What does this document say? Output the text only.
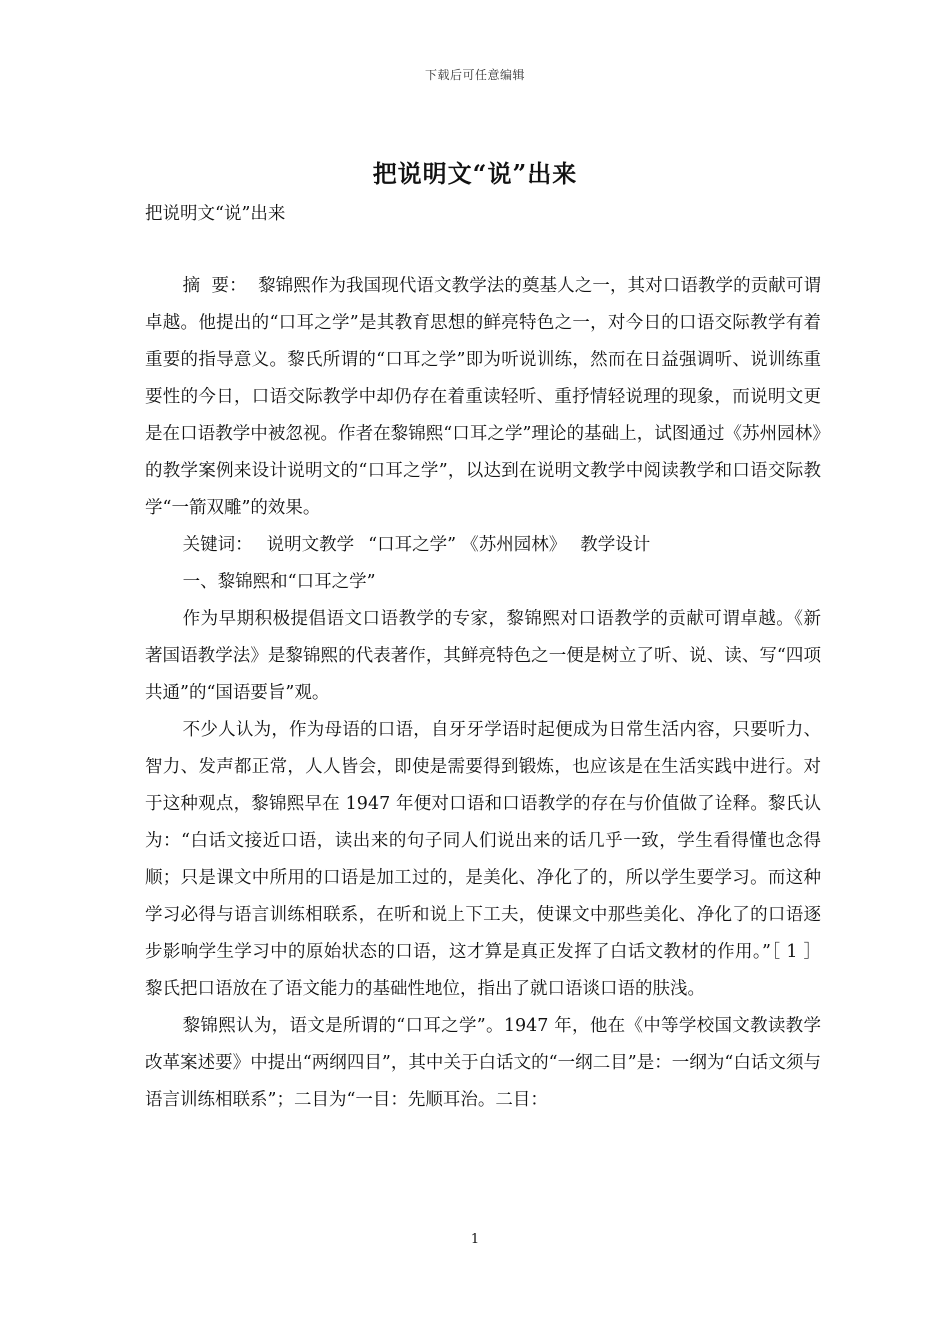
下载后可任意编辑
把说明文“说”出来
把说明文“说”出来

摘  要： 黎锦熙作为我国现代语文教学法的奠基人之一，其对口语教学的贡献可谓卓越。他提出的“口耳之学”是其教育思想的鲜亮特色之一，对今日的口语交际教学有着重要的指导意义。黎氏所谓的“口耳之学”即为听说训练，然而在日益强调听、说训练重要性的今日，口语交际教学中却仍存在着重读轻听、重抒情轻说理的现象，而说明文更是在口语教学中被忽视。作者在黎锦熙“口耳之学”理论的基础上，试图通过《苏州园林》的教学案例来设计说明文的“口耳之学”，以达到在说明文教学中阅读教学和口语交际教学“一箭双雕”的效果。

关键词： 说明文教学 “口耳之学” 《苏州园林》 教学设计

一、黎锦熙和“口耳之学”

作为早期积极提倡语文口语教学的专家，黎锦熙对口语教学的贡献可谓卓越。《新著国语教学法》是黎锦熙的代表著作，其鲜亮特色之一便是树立了听、说、读、写“四项共通”的“国语要旨”观。

不少人认为，作为母语的口语，自牙牙学语时起便成为日常生活内容，只要听力、智力、发声都正常，人人皆会，即使是需要得到锻炼，也应该是在生活实践中进行。对于这种观点，黎锦熙早在 1947 年便对口语和口语教学的存在与价值做了诠释。黎氏认为：“白话文接近口语，读出来的句子同人们说出来的话几乎一致，学生看得懂也念得顺；只是课文中所用的口语是加工过的，是美化、净化了的，所以学生要学习。而这种学习必得与语言训练相联系，在听和说上下工夫，使课文中那些美化、净化了的口语逐步影响学生学习中的原始状态的口语，这才算是真正发挥了白话文教材的作用。”［ 1 ］黎氏把口语放在了语文能力的基础性地位，指出了就口语谈口语的肤浅。

黎锦熙认为，语文是所谓的“口耳之学”。1947 年，他在《中等学校国文教读教学改革案述要》中提出“两纲四目”，其中关于白话文的“一纲二目”是：一纲为“白话文须与语言训练相联系”；二目为“一目：先顺耳治。二目：

1
